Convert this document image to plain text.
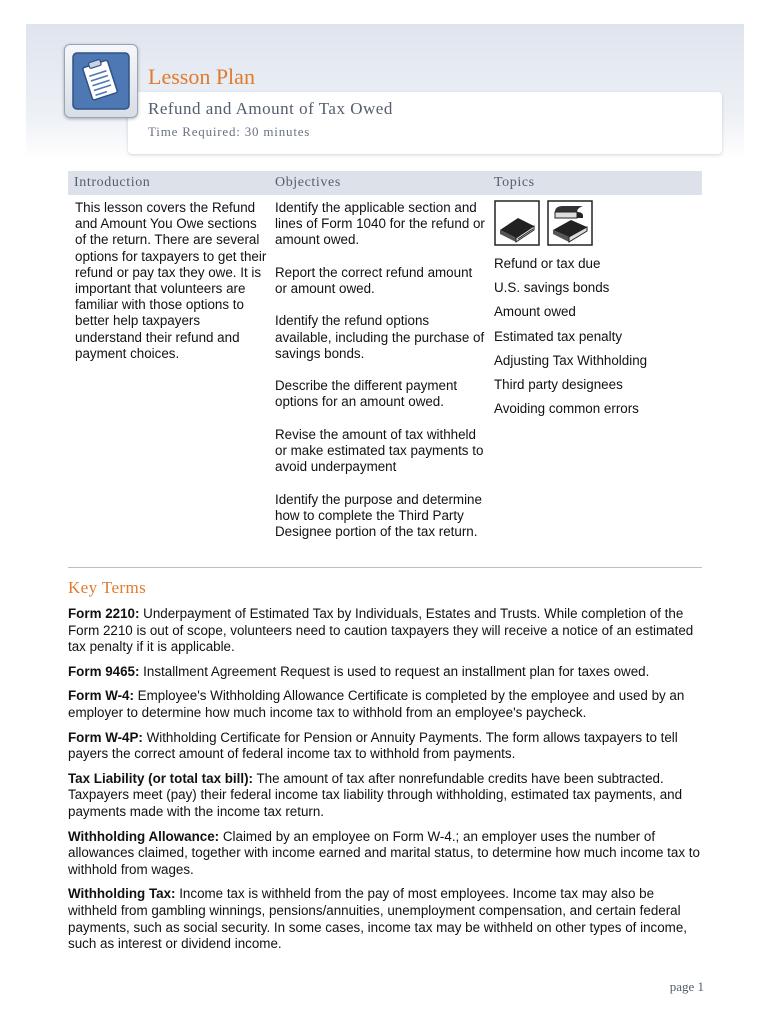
Lesson Plan
Refund and Amount of Tax Owed
Time Required: 30 minutes
Introduction	Objectives	Topics
This lesson covers the Refund and Amount You Owe sections of the return. There are several options for taxpayers to get their refund or pay tax they owe. It is important that volunteers are familiar with those options to better help taxpayers understand their refund and payment choices.
Identify the applicable section and lines of Form 1040 for the refund or amount owed.
Report the correct refund amount or amount owed.
Identify the refund options available, including the purchase of savings bonds.
Describe the different payment options for an amount owed.
Revise the amount of tax withheld or make estimated tax payments to avoid underpayment
Identify the purpose and determine how to complete the Third Party Designee portion of the tax return.
Refund or tax due
U.S. savings bonds
Amount owed
Estimated tax penalty
Adjusting Tax Withholding
Third party designees
Avoiding common errors
Key Terms

Form 2210: Underpayment of Estimated Tax by Individuals, Estates and Trusts. While completion of the Form 2210 is out of scope, volunteers need to caution taxpayers they will receive a notice of an estimated tax penalty if it is applicable.

Form 9465: Installment Agreement Request is used to request an installment plan for taxes owed.

Form W-4: Employee's Withholding Allowance Certificate is completed by the employee and used by an employer to determine how much income tax to withhold from an employee's paycheck.

Form W-4P: Withholding Certificate for Pension or Annuity Payments. The form allows taxpayers to tell payers the correct amount of federal income tax to withhold from payments.

Tax Liability (or total tax bill): The amount of tax after nonrefundable credits have been subtracted. Taxpayers meet (pay) their federal income tax liability through withholding, estimated tax payments, and payments made with the income tax return.

Withholding Allowance: Claimed by an employee on Form W-4.; an employer uses the number of allowances claimed, together with income earned and marital status, to determine how much income tax to withhold from wages.

Withholding Tax: Income tax is withheld from the pay of most employees. Income tax may also be withheld from gambling winnings, pensions/annuities, unemployment compensation, and certain federal payments, such as social security. In some cases, income tax may be withheld on other types of income, such as interest or dividend income.

page 1
